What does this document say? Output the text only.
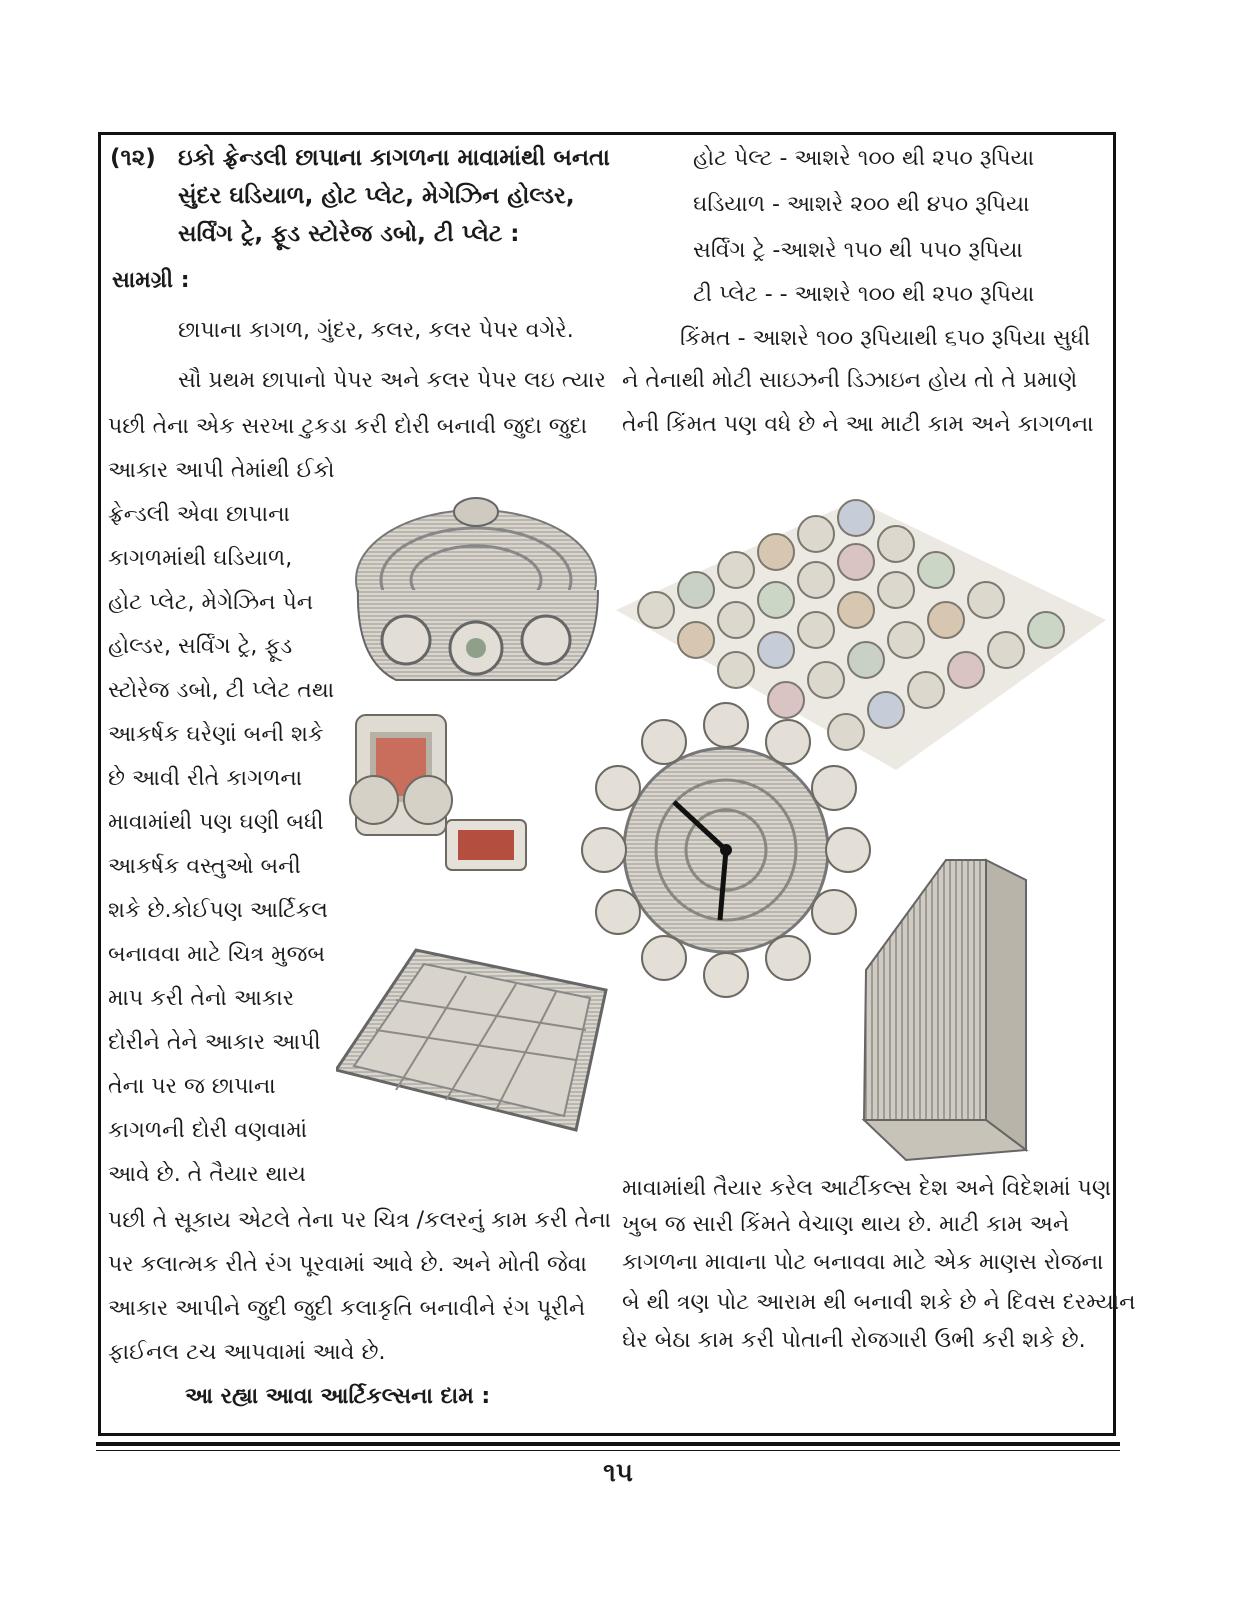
(૧૨) ઇકો ફ્રેન્ડલી છાપાના કાગળના માવામાંથી બનતા
સુંદર ઘડિયાળ, હોટ પ્લેટ, મેગેઝિન હોલ્ડર,
સર્વિંગ ટ્રે, ફૂડ સ્ટોરેજ ડબો, ટી પ્લેટ :
સામગ્રી :
છાપાના કાગળ, ગુંદર, કલર, કલર પેપર વગેરે.
સૌ પ્રથમ છાપાનો પેપર અને કલર પેપર લઇ ત્યાર
પછી તેના એક સરખા ટુકડા કરી દોરી બનાવી જુદા જુદા
આકાર આપી તેમાંથી ઈકો
ફ્રેન્ડલી એવા છાપાના
કાગળમાંથી ઘડિયાળ,
હોટ પ્લેટ, મેગેઝિન પેન
હોલ્ડર, સર્વિંગ ટ્રે, ફૂડ
સ્ટોરેજ ડબો, ટી પ્લેટ તથા
આકર્ષક ઘરેણાં બની શકે
છે આવી રીતે કાગળના
માવામાંથી પણ ઘણી બધી
આકર્ષક વસ્તુઓ બની
શકે છે.કોઈપણ આર્ટિકલ
બનાવવા માટે ચિત્ર મુજબ
માપ કરી તેનો આકાર
દોરીને તેને આકાર આપી
તેના પર જ છાપાના
કાગળની દોરી વણવામાં
આવે છે. તે તૈયાર થાય
પછી તે સૂકાય એટલે તેના પર ચિત્ર /કલરનું કામ કરી તેના
પર કલાત્મક રીતે રંગ પૂરવામાં આવે છે. અને મોતી જેવા
આકાર આપીને જુદી જુદી કલાકૃતિ બનાવીને રંગ પૂરીને
ફાઈનલ ટચ આપવામાં આવે છે.
આ રહ્યા આવા આર્ટિકલ્સના દામ :
હોટ પેલ્ટ - આશરે ૧૦૦ થી ૨૫૦ રૂપિયા
ઘડિયાળ - આશરે ૨૦૦ થી ૪૫૦ રૂપિયા
સર્વિંગ ટ્રે -આશરે ૧૫૦ થી ૫૫૦ રૂપિયા
ટી પ્લેટ - - આશરે ૧૦૦ થી ૨૫૦ રૂપિયા
કિંમત - આશરે ૧૦૦ રૂપિયાથી ૬૫૦ રૂપિયા સુધી
ને તેનાથી મોટી સાઇઝની ડિઝાઇન હોય તો તે પ્રમાણે
તેની કિંમત પણ વધે છે ને આ માટી કામ અને કાગળના
માવામાંથી તૈયાર કરેલ આર્ટીકલ્સ દેશ અને વિદેશમાં પણ
ખુબ જ સારી કિંમતે વેચાણ થાય છે. માટી કામ અને
કાગળના માવાના પોટ બનાવવા માટે એક માણસ રોજના
બે થી ત્રણ પોટ આરામ થી બનાવી શકે છે ને દિવસ દરમ્યાન
ઘેર બેઠા કામ કરી પોતાની રોજગારી ઉભી કરી શકે છે.
૧૫
